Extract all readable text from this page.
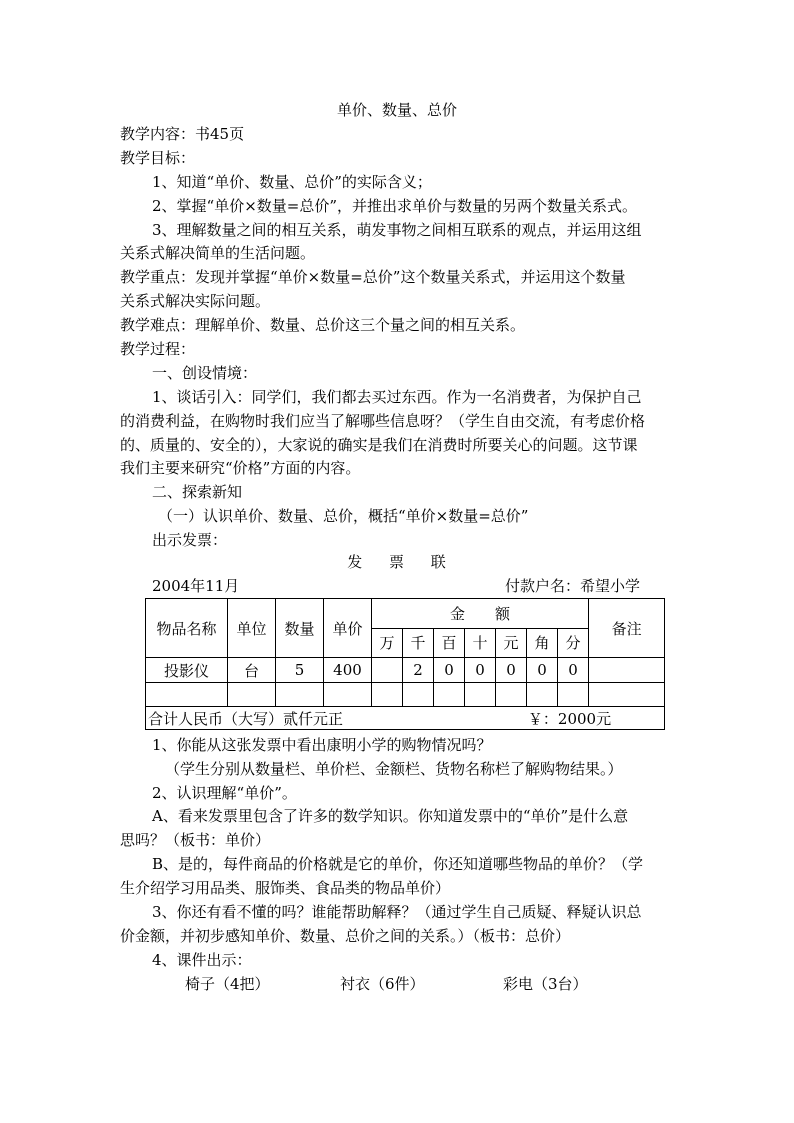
单价、数量、总价
教学内容：书45页
教学目标：
1、知道“单价、数量、总价”的实际含义；
2、掌握“单价×数量=总价”，并推出求单价与数量的另两个数量关系式。
3、理解数量之间的相互关系，萌发事物之间相互联系的观点，并运用这组
关系式解决简单的生活问题。
教学重点：发现并掌握“单价×数量=总价”这个数量关系式，并运用这个数量
关系式解决实际问题。
教学难点：理解单价、数量、总价这三个量之间的相互关系。
教学过程：
一、创设情境：
1、谈话引入：同学们，我们都去买过东西。作为一名消费者，为保护自己
的消费利益，在购物时我们应当了解哪些信息呀？（学生自由交流，有考虑价格
的、质量的、安全的），大家说的确实是我们在消费时所要关心的问题。这节课
我们主要来研究“价格”方面的内容。
二、探索新知
（一）认识单价、数量、总价，概括“单价×数量=总价”
出示发票：
发 票 联
2004年11月	付款户名：希望小学
物品名称	单位	数量	单价	金　　额							备注
				万	千	百	十	元	角	分	
投影仪	台	5	400		2	0	0	0	0	0	

合计人民币（大写）贰仟元正 ￥：2000元											
1、你能从这张发票中看出康明小学的购物情况吗？
（学生分别从数量栏、单价栏、金额栏、货物名称栏了解购物结果。）
2、认识理解“单价”。
A、看来发票里包含了许多的数学知识。你知道发票中的“单价”是什么意
思吗？（板书：单价）
B、是的，每件商品的价格就是它的单价，你还知道哪些物品的单价？（学
生介绍学习用品类、服饰类、食品类的物品单价）
3、你还有看不懂的吗？谁能帮助解释？（通过学生自己质疑、释疑认识总
价金额，并初步感知单价、数量、总价之间的关系。）（板书：总价）
4、课件出示：
椅子（4把）	衬衣（6件）	彩电（3台）
